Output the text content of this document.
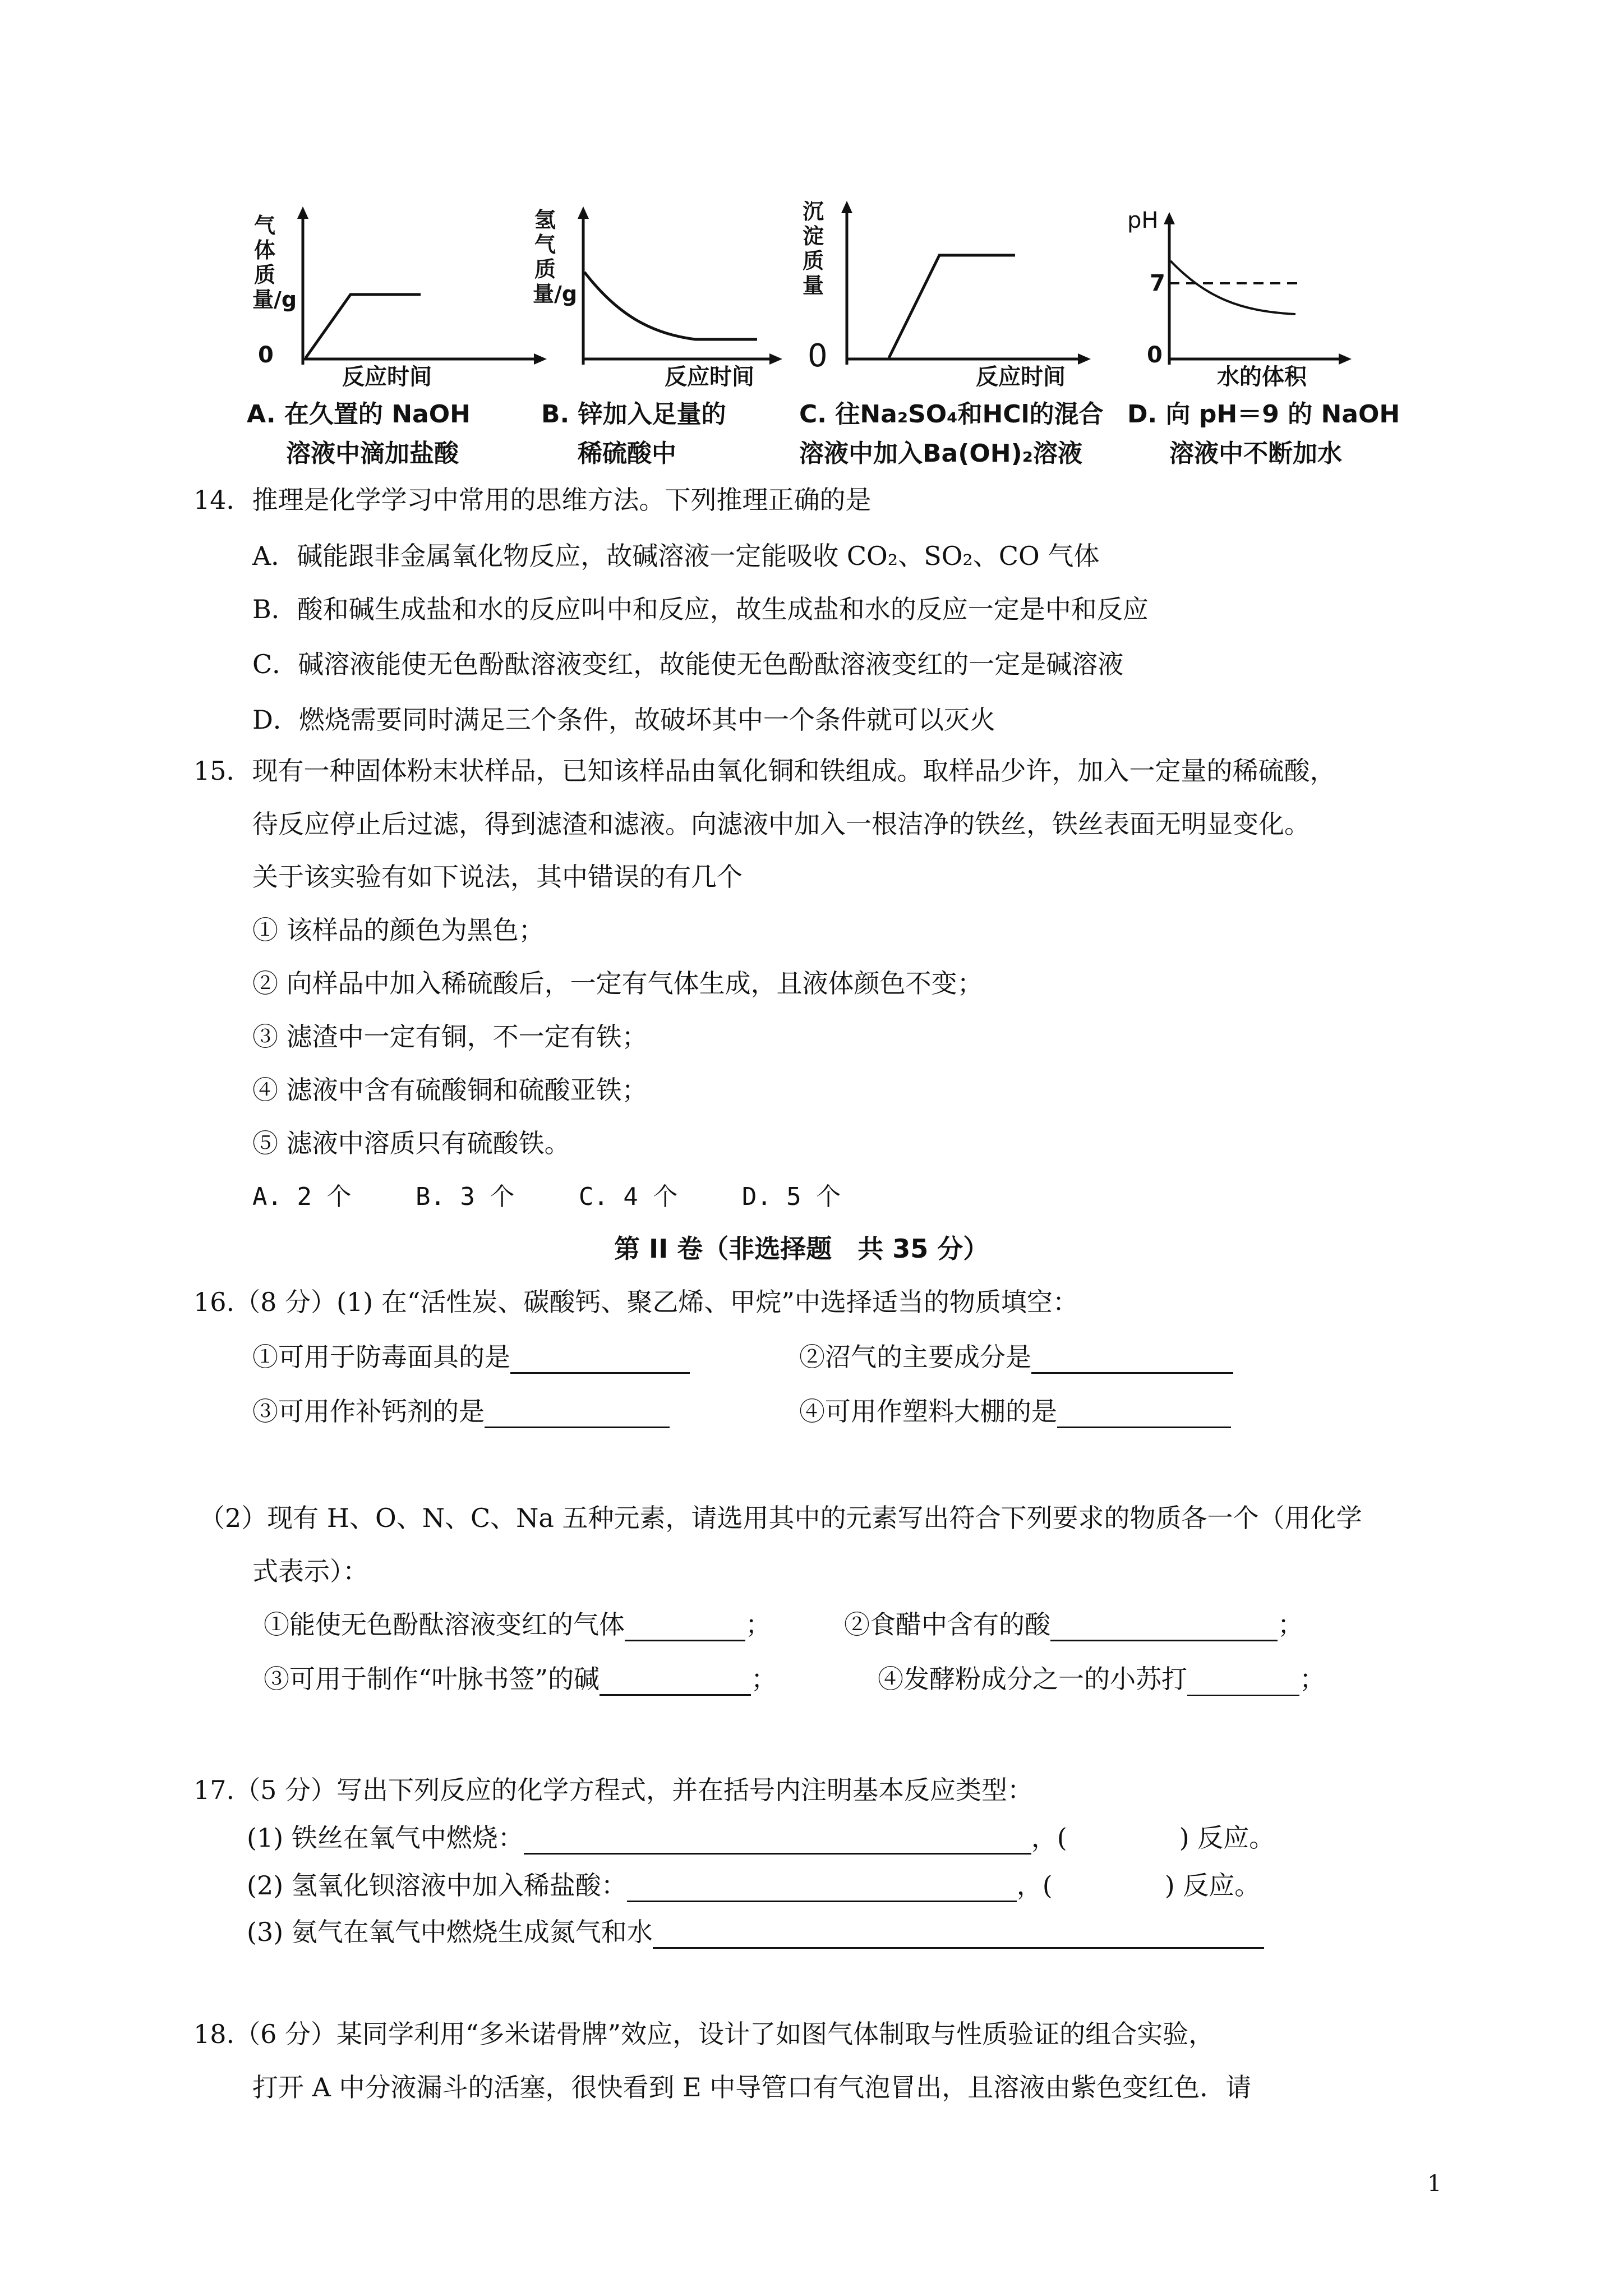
气体质量/g
0
反应时间
A. 在久置的 NaOH
溶液中滴加盐酸
氢气质量/g
反应时间
B. 锌加入足量的
稀硫酸中
沉淀质量
0
反应时间
C. 往Na₂SO₄和HCl的混合
溶液中加入Ba(OH)₂溶液
pH
7
0
水的体积
D. 向 pH＝9 的 NaOH
溶液中不断加水
14．推理是化学学习中常用的思维方法。下列推理正确的是
A．碱能跟非金属氧化物反应，故碱溶液一定能吸收 CO₂、SO₂、CO 气体
B．酸和碱生成盐和水的反应叫中和反应，故生成盐和水的反应一定是中和反应
C．碱溶液能使无色酚酞溶液变红，故能使无色酚酞溶液变红的一定是碱溶液
D．燃烧需要同时满足三个条件，故破坏其中一个条件就可以灭火
15．现有一种固体粉末状样品，已知该样品由氧化铜和铁组成。取样品少许，加入一定量的稀硫酸，
待反应停止后过滤，得到滤渣和滤液。向滤液中加入一根洁净的铁丝，铁丝表面无明显变化。
关于该实验有如下说法，其中错误的有几个
① 该样品的颜色为黑色；
② 向样品中加入稀硫酸后，一定有气体生成，且液体颜色不变；
③ 滤渣中一定有铜，不一定有铁；
④ 滤液中含有硫酸铜和硫酸亚铁；
⑤ 滤液中溶质只有硫酸铁。
A. 2 个　　 B. 3 个　　 C. 4 个　　 D. 5 个
第 II 卷（非选择题　共 35 分）
16.（8 分）(1) 在“活性炭、碳酸钙、聚乙烯、甲烷”中选择适当的物质填空：
①可用于防毒面具的是	②沼气的主要成分是
③可用作补钙剂的是	④可用作塑料大棚的是
（2）现有 H、O、N、C、Na 五种元素，请选用其中的元素写出符合下列要求的物质各一个（用化学
式表示）：
①能使无色酚酞溶液变红的气体	；	②食醋中含有的酸	；
③可用于制作“叶脉书签”的碱	；	④发酵粉成分之一的小苏打	；
17.（5 分）写出下列反应的化学方程式，并在括号内注明基本反应类型：
(1) 铁丝在氧气中燃烧：	，(	) 反应。
(2) 氢氧化钡溶液中加入稀盐酸：	，(	) 反应。
(3) 氨气在氧气中燃烧生成氮气和水
18.（6 分）某同学利用“多米诺骨牌”效应，设计了如图气体制取与性质验证的组合实验，
打开 A 中分液漏斗的活塞，很快看到 E 中导管口有气泡冒出，且溶液由紫色变红色．请
1
